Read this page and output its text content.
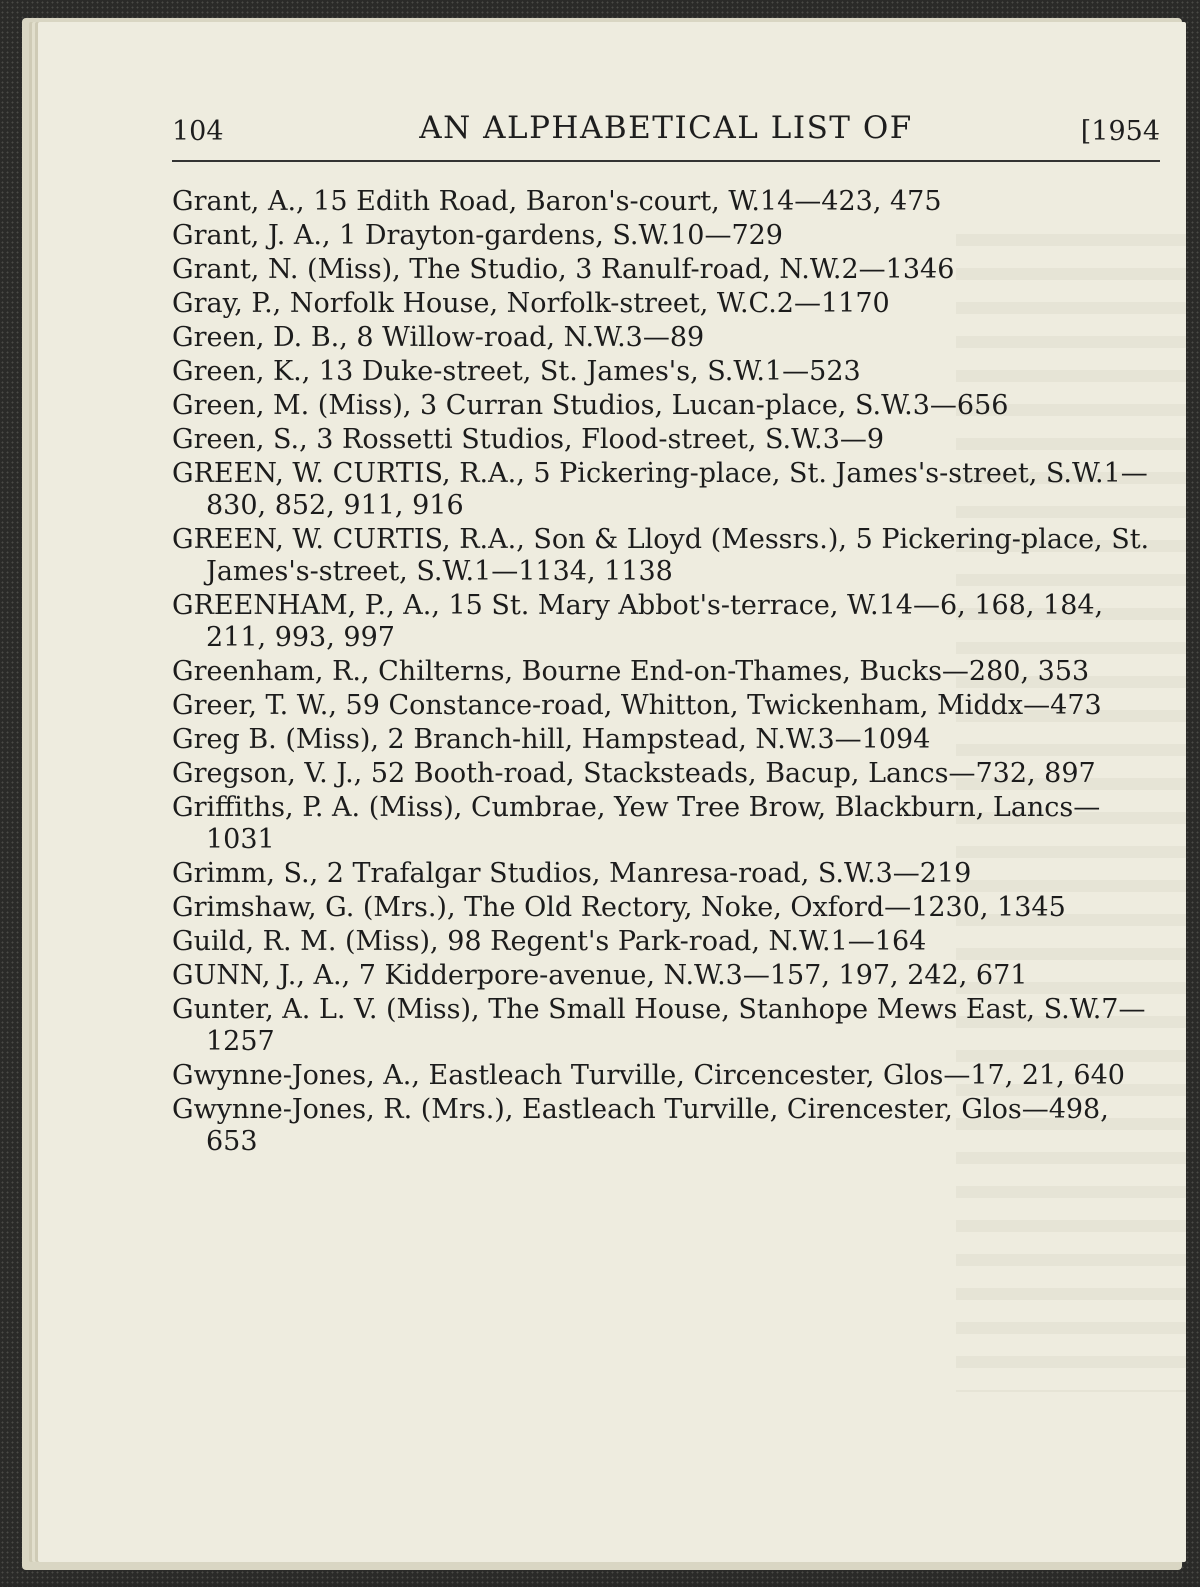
104	AN ALPHABETICAL LIST OF	[1954
Grant, A., 15 Edith Road, Baron's-court, W.14—423, 475
Grant, J. A., 1 Drayton-gardens, S.W.10—729
Grant, N. (Miss), The Studio, 3 Ranulf-road, N.W.2—1346
Gray, P., Norfolk House, Norfolk-street, W.C.2—1170
Green, D. B., 8 Willow-road, N.W.3—89
Green, K., 13 Duke-street, St. James's, S.W.1—523
Green, M. (Miss), 3 Curran Studios, Lucan-place, S.W.3—656
Green, S., 3 Rossetti Studios, Flood-street, S.W.3—9
GREEN, W. CURTIS, R.A., 5 Pickering-place, St. James's-street, S.W.1—830, 852, 911, 916
GREEN, W. CURTIS, R.A., Son & Lloyd (Messrs.), 5 Pickering-place, St. James's-street, S.W.1—1134, 1138
GREENHAM, P., A., 15 St. Mary Abbot's-terrace, W.14—6, 168, 184, 211, 993, 997
Greenham, R., Chilterns, Bourne End-on-Thames, Bucks—280, 353
Greer, T. W., 59 Constance-road, Whitton, Twickenham, Middx—473
Greg B. (Miss), 2 Branch-hill, Hampstead, N.W.3—1094
Gregson, V. J., 52 Booth-road, Stacksteads, Bacup, Lancs—732, 897
Griffiths, P. A. (Miss), Cumbrae, Yew Tree Brow, Blackburn, Lancs—1031
Grimm, S., 2 Trafalgar Studios, Manresa-road, S.W.3—219
Grimshaw, G. (Mrs.), The Old Rectory, Noke, Oxford—1230, 1345
Guild, R. M. (Miss), 98 Regent's Park-road, N.W.1—164
GUNN, J., A., 7 Kidderpore-avenue, N.W.3—157, 197, 242, 671
Gunter, A. L. V. (Miss), The Small House, Stanhope Mews East, S.W.7—1257
Gwynne-Jones, A., Eastleach Turville, Circencester, Glos—17, 21, 640
Gwynne-Jones, R. (Mrs.), Eastleach Turville, Cirencester, Glos—498, 653
